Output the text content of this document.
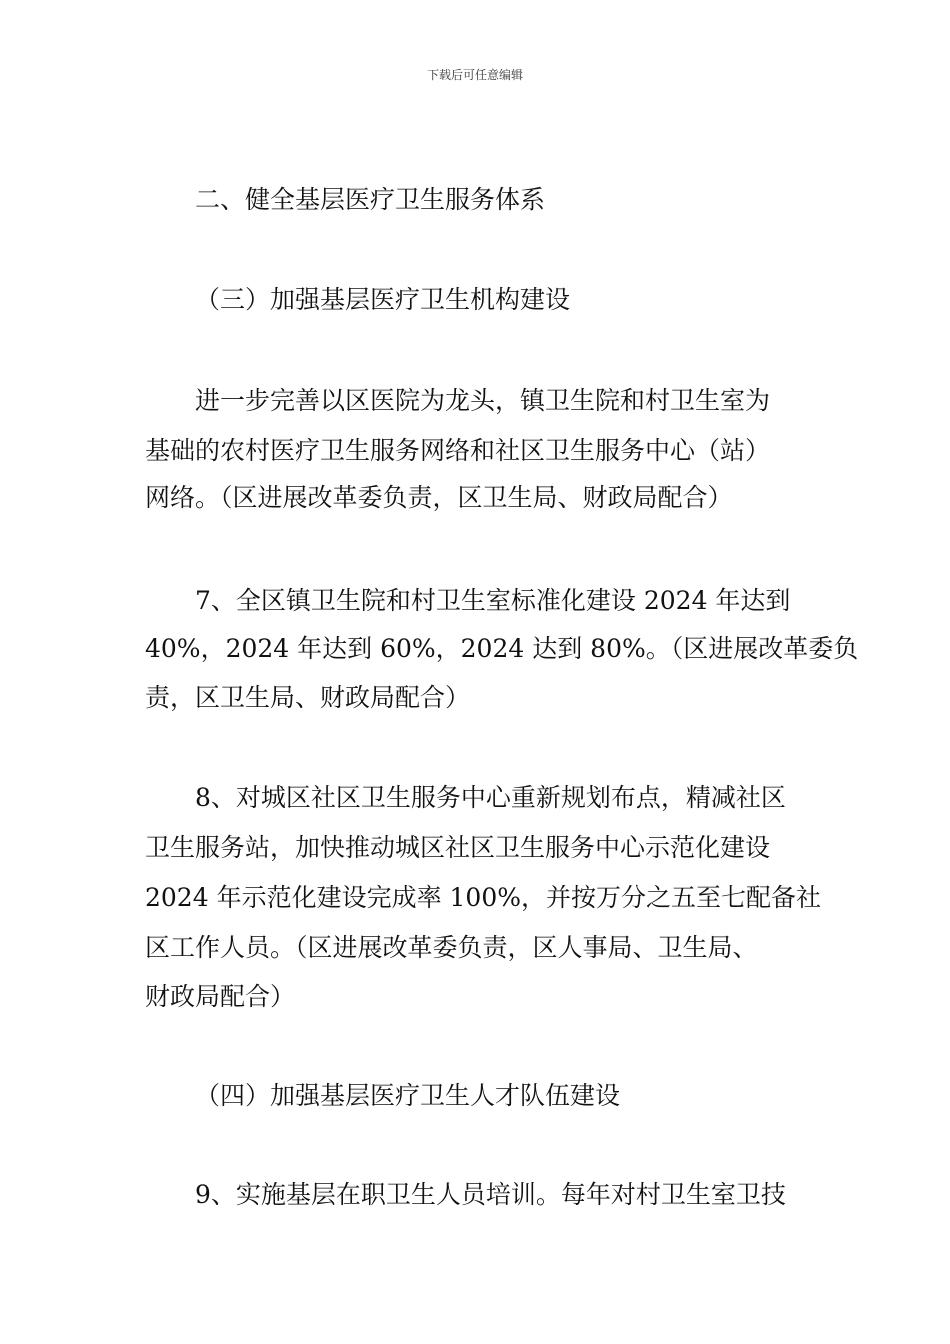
下载后可任意编辑
二、健全基层医疗卫生服务体系
（三）加强基层医疗卫生机构建设
进一步完善以区医院为龙头，镇卫生院和村卫生室为
基础的农村医疗卫生服务网络和社区卫生服务中心（站）
网络。（区进展改革委负责，区卫生局、财政局配合）
7、全区镇卫生院和村卫生室标准化建设 2024 年达到
40%，2024 年达到 60%，2024 达到 80%。（区进展改革委负
责，区卫生局、财政局配合）
8、对城区社区卫生服务中心重新规划布点，精减社区
卫生服务站，加快推动城区社区卫生服务中心示范化建设
2024 年示范化建设完成率 100%，并按万分之五至七配备社
区工作人员。（区进展改革委负责，区人事局、卫生局、
财政局配合）
（四）加强基层医疗卫生人才队伍建设
9、实施基层在职卫生人员培训。每年对村卫生室卫技
